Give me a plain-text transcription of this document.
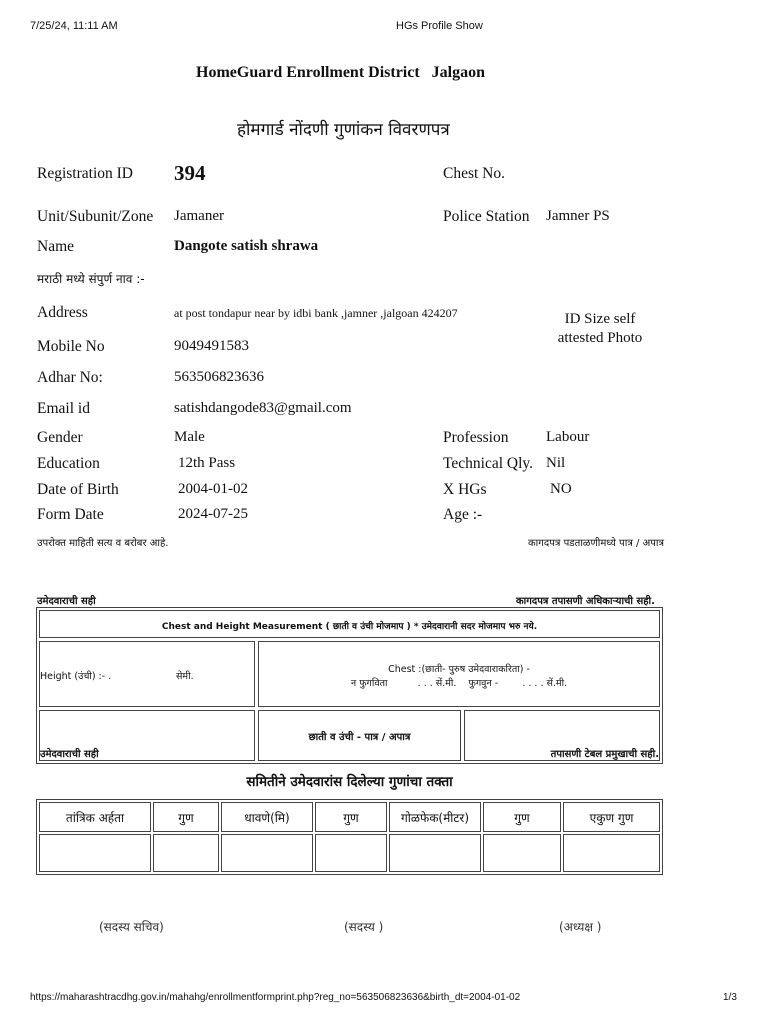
7/25/24, 11:11 AM	HGs Profile Show
HomeGuard Enrollment District   Jalgaon
होमगार्ड नोंदणी गुणांकन विवरणपत्र
Registration ID 394	Chest No.
Unit/Subunit/Zone Jamaner	Police Station Jamner PS
Name	Dangote satish shrawa
मराठी मध्ये संपुर्ण नाव :-
Address	at post tondapur near by idbi bank ,jamner ,jalgoan 424207	ID Size self
attested Photo
Mobile No	9049491583
Adhar No:	563506823636
Email id	satishdangode83@gmail.com
Gender	Male	Profession	Labour
Education	12th Pass	Technical Qly. Nil
Date of Birth	2004-01-02	X HGs	NO
Form Date	2024-07-25	Age :-
उपरोक्त माहिती सत्य व बरोबर आहे.	कागदपत्र पडताळणीमध्ये पात्र / अपात्र
उमेदवाराची सही	कागदपत्र तपासणी अधिकाऱ्याची सही.
Chest and Height Measurement ( छाती व उंची मोजमाप ) * उमेदवारानी सदर मोजमाप भरु नये.
Height (उंची) :- .	सेमी.
Chest :(छाती- पुरुष उमेदवाराकरिता) -
न फुगविता          . . . सें.मी.    फुगवुन -        . . . . सें.मी.
उमेदवाराची सही
छाती व उंची - पात्र / अपात्र
तपासणी टेबल प्रमुखाची सही.
समितीने उमेदवारांस दिलेल्या गुणांचा तक्ता
तांत्रिक अर्हता	गुण	धावणे(मि)	गुण	गोळफेक(मीटर)	गुण	एकुण गुण

(सदस्य सचिव)	(सदस्य )	(अध्यक्ष )
https://maharashtracdhg.gov.in/mahahg/enrollmentformprint.php?reg_no=563506823636&birth_dt=2004-01-02	1/3
